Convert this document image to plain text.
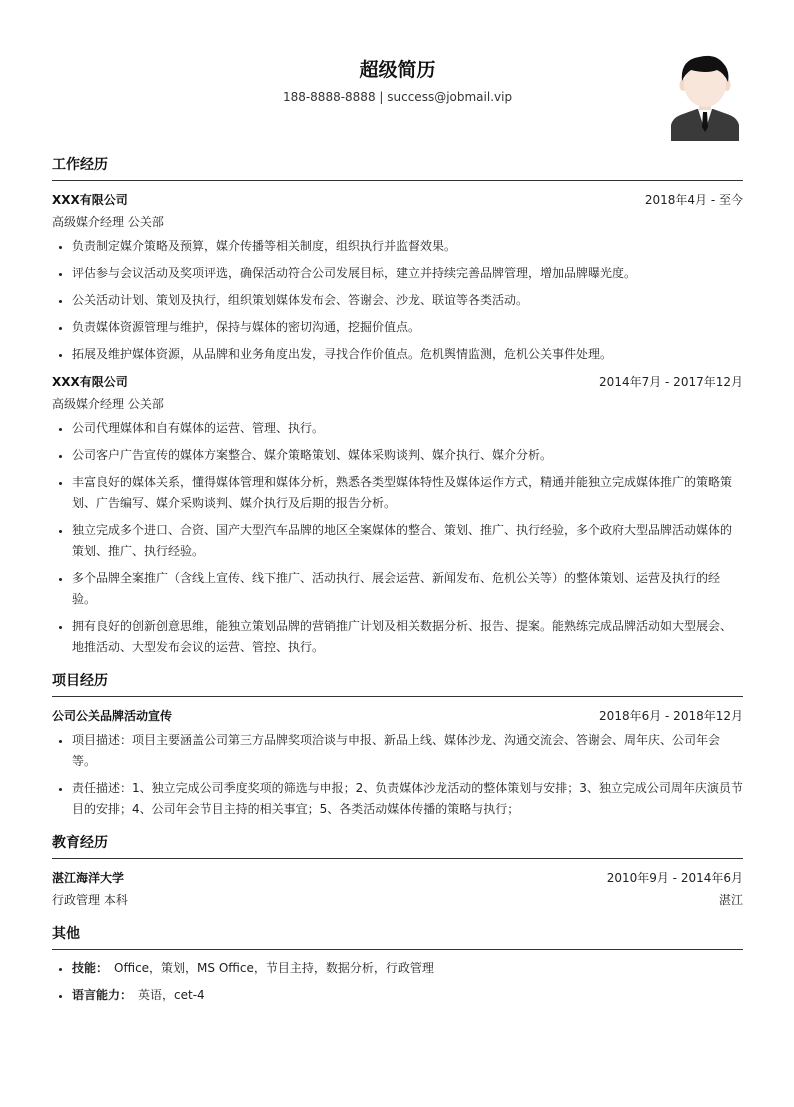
超级简历
188-8888-8888 | success@jobmail.vip
工作经历
XXX有限公司	2018年4月 - 至今
高级媒介经理 公关部
• 负责制定媒介策略及预算，媒介传播等相关制度，组织执行并监督效果。
• 评估参与会议活动及奖项评选，确保活动符合公司发展目标，建立并持续完善品牌管理，增加品牌曝光度。
• 公关活动计划、策划及执行，组织策划媒体发布会、答谢会、沙龙、联谊等各类活动。
• 负责媒体资源管理与维护，保持与媒体的密切沟通，挖掘价值点。
• 拓展及维护媒体资源，从品牌和业务角度出发，寻找合作价值点。危机舆情监测，危机公关事件处理。
XXX有限公司	2014年7月 - 2017年12月
高级媒介经理 公关部
• 公司代理媒体和自有媒体的运营、管理、执行。
• 公司客户广告宣传的媒体方案整合、媒介策略策划、媒体采购谈判、媒介执行、媒介分析。
• 丰富良好的媒体关系，懂得媒体管理和媒体分析，熟悉各类型媒体特性及媒体运作方式，精通并能独立完成媒体推广的策略策划、广告编写、媒介采购谈判、媒介执行及后期的报告分析。
• 独立完成多个进口、合资、国产大型汽车品牌的地区全案媒体的整合、策划、推广、执行经验，多个政府大型品牌活动媒体的策划、推广、执行经验。
• 多个品牌全案推广（含线上宣传、线下推广、活动执行、展会运营、新闻发布、危机公关等）的整体策划、运营及执行的经验。
• 拥有良好的创新创意思维，能独立策划品牌的营销推广计划及相关数据分析、报告、提案。能熟练完成品牌活动如大型展会、地推活动、大型发布会议的运营、管控、执行。
项目经历
公司公关品牌活动宣传	2018年6月 - 2018年12月
• 项目描述：项目主要涵盖公司第三方品牌奖项洽谈与申报、新品上线、媒体沙龙、沟通交流会、答谢会、周年庆、公司年会等。
• 责任描述：1、独立完成公司季度奖项的筛选与申报；2、负责媒体沙龙活动的整体策划与安排；3、独立完成公司周年庆演员节目的安排；4、公司年会节目主持的相关事宜；5、各类活动媒体传播的策略与执行；
教育经历
湛江海洋大学	2010年9月 - 2014年6月
行政管理 本科	湛江
其他
• 技能： Office，策划，MS Office，节目主持，数据分析，行政管理
• 语言能力： 英语，cet-4
